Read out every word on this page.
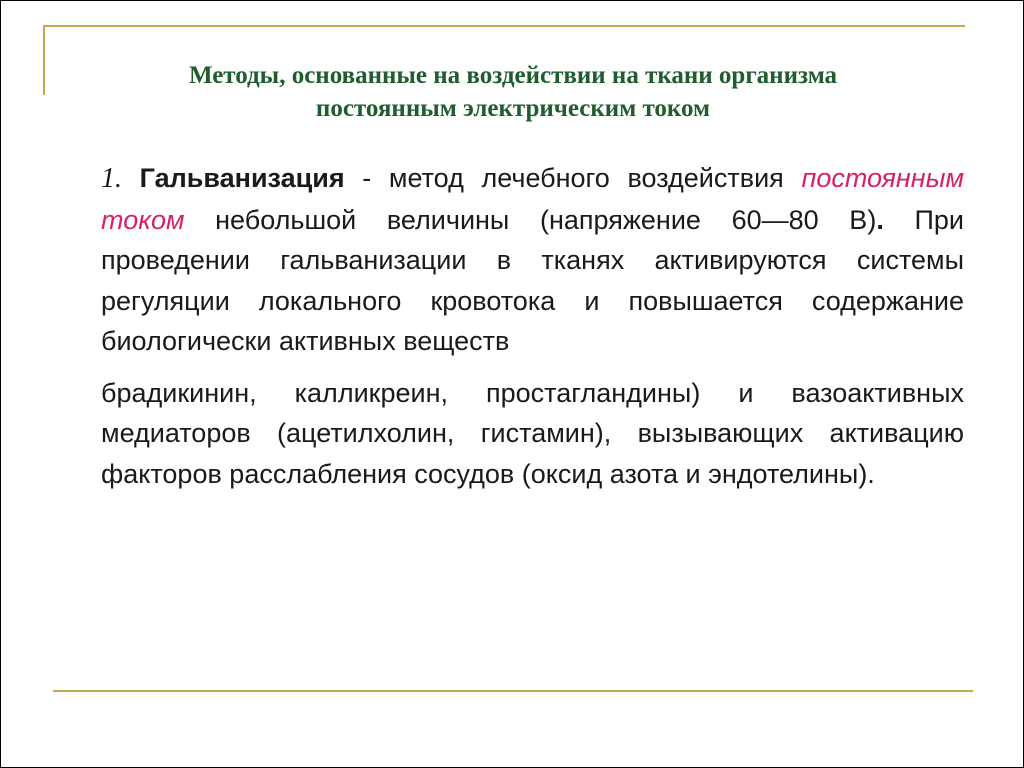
Методы, основанные на воздействии на ткани организма
постоянным электрическим током
1. Гальванизация - метод лечебного воздействия постоянным током небольшой величины (напряжение 60—80 В). При проведении гальванизации в тканях активируются системы регуляции локального кровотока и повышается содержание биологически активных веществ
брадикинин, калликреин, простагландины) и вазоактивных медиаторов (ацетилхолин, гистамин), вызывающих активацию факторов расслабления сосудов (оксид азота и эндотелины).
